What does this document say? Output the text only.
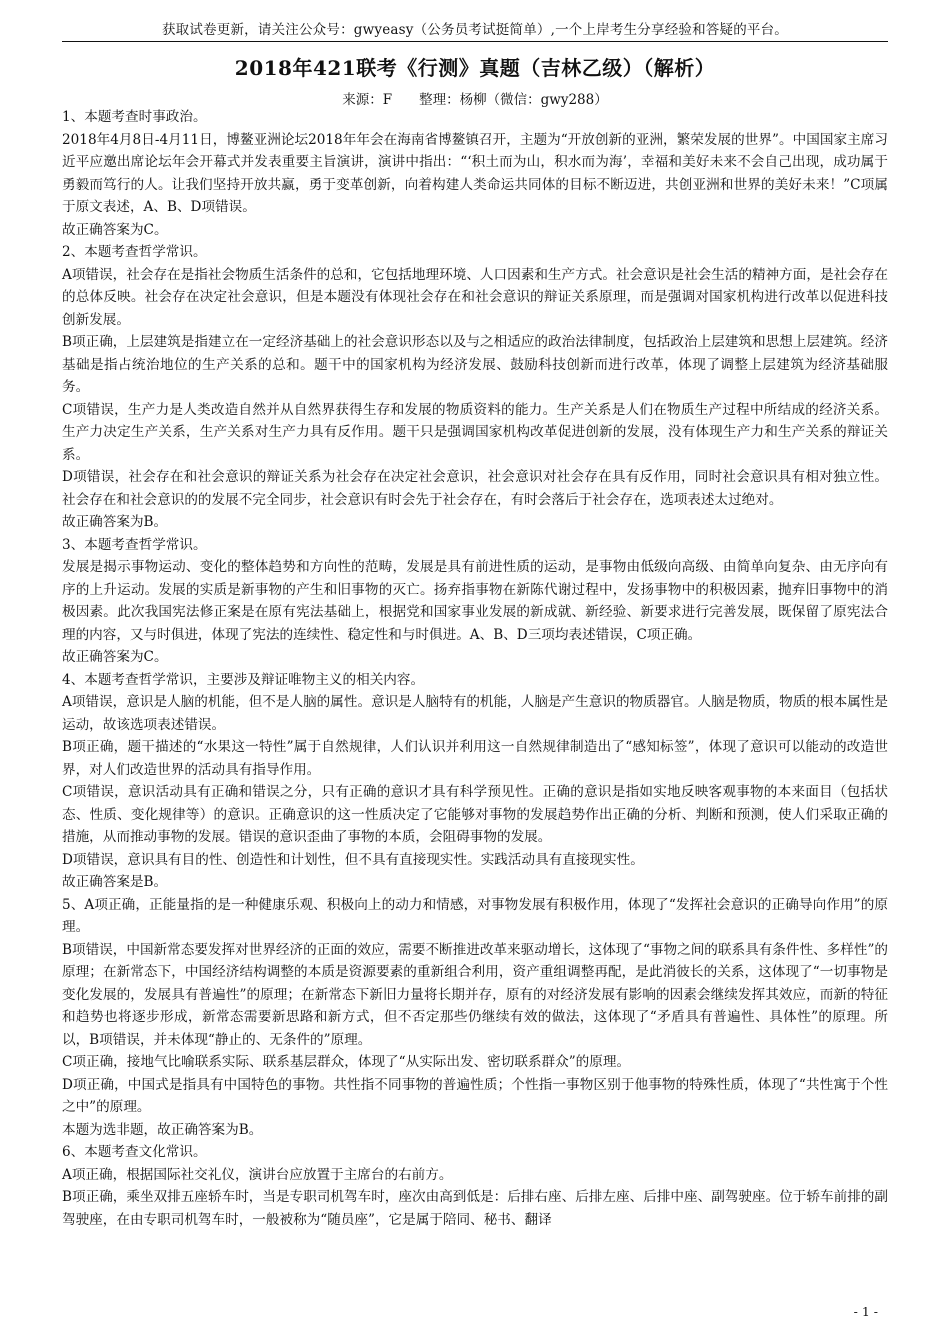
获取试卷更新，请关注公众号：gwyeasy（公务员考试挺简单）,一个上岸考生分享经验和答疑的平台。
2018年421联考《行测》真题（吉林乙级）（解析）
来源：F　　整理：杨柳（微信：gwy288）

1、本题考查时事政治。

2018年4月8日-4月11日，博鳌亚洲论坛2018年年会在海南省博鳌镇召开，主题为“开放创新的亚洲，繁荣发展的世界”。中国国家主席习近平应邀出席论坛年会开幕式并发表重要主旨演讲，演讲中指出：“‘积土而为山，积水而为海’，幸福和美好未来不会自己出现，成功属于勇毅而笃行的人。让我们坚持开放共赢，勇于变革创新，向着构建人类命运共同体的目标不断迈进，共创亚洲和世界的美好未来！”C项属于原文表述，A、B、D项错误。

故正确答案为C。

2、本题考查哲学常识。

A项错误，社会存在是指社会物质生活条件的总和，它包括地理环境、人口因素和生产方式。社会意识是社会生活的精神方面，是社会存在的总体反映。社会存在决定社会意识，但是本题没有体现社会存在和社会意识的辩证关系原理，而是强调对国家机构进行改革以促进科技创新发展。

B项正确，上层建筑是指建立在一定经济基础上的社会意识形态以及与之相适应的政治法律制度，包括政治上层建筑和思想上层建筑。经济基础是指占统治地位的生产关系的总和。题干中的国家机构为经济发展、鼓励科技创新而进行改革，体现了调整上层建筑为经济基础服务。

C项错误，生产力是人类改造自然并从自然界获得生存和发展的物质资料的能力。生产关系是人们在物质生产过程中所结成的经济关系。生产力决定生产关系，生产关系对生产力具有反作用。题干只是强调国家机构改革促进创新的发展，没有体现生产力和生产关系的辩证关系。

D项错误，社会存在和社会意识的辩证关系为社会存在决定社会意识，社会意识对社会存在具有反作用，同时社会意识具有相对独立性。社会存在和社会意识的的发展不完全同步，社会意识有时会先于社会存在，有时会落后于社会存在，选项表述太过绝对。

故正确答案为B。

3、本题考查哲学常识。

发展是揭示事物运动、变化的整体趋势和方向性的范畴，发展是具有前进性质的运动，是事物由低级向高级、由简单向复杂、由无序向有序的上升运动。发展的实质是新事物的产生和旧事物的灭亡。扬弃指事物在新陈代谢过程中，发扬事物中的积极因素，抛弃旧事物中的消极因素。此次我国宪法修正案是在原有宪法基础上，根据党和国家事业发展的新成就、新经验、新要求进行完善发展，既保留了原宪法合理的内容，又与时俱进，体现了宪法的连续性、稳定性和与时俱进。A、B、D三项均表述错误，C项正确。

故正确答案为C。

4、本题考查哲学常识，主要涉及辩证唯物主义的相关内容。

A项错误，意识是人脑的机能，但不是人脑的属性。意识是人脑特有的机能，人脑是产生意识的物质器官。人脑是物质，物质的根本属性是运动，故该选项表述错误。

B项正确，题干描述的“水果这一特性”属于自然规律，人们认识并利用这一自然规律制造出了“感知标签”，体现了意识可以能动的改造世界，对人们改造世界的活动具有指导作用。

C项错误，意识活动具有正确和错误之分，只有正确的意识才具有科学预见性。正确的意识是指如实地反映客观事物的本来面目（包括状态、性质、变化规律等）的意识。正确意识的这一性质决定了它能够对事物的发展趋势作出正确的分析、判断和预测，使人们采取正确的措施，从而推动事物的发展。错误的意识歪曲了事物的本质，会阻碍事物的发展。

D项错误，意识具有目的性、创造性和计划性，但不具有直接现实性。实践活动具有直接现实性。

故正确答案是B。

5、A项正确，正能量指的是一种健康乐观、积极向上的动力和情感，对事物发展有积极作用，体现了“发挥社会意识的正确导向作用”的原理。

B项错误，中国新常态要发挥对世界经济的正面的效应，需要不断推进改革来驱动增长，这体现了“事物之间的联系具有条件性、多样性”的原理；在新常态下，中国经济结构调整的本质是资源要素的重新组合利用，资产重组调整再配，是此消彼长的关系，这体现了“一切事物是变化发展的，发展具有普遍性”的原理；在新常态下新旧力量将长期并存，原有的对经济发展有影响的因素会继续发挥其效应，而新的特征和趋势也将逐步形成，新常态需要新思路和新方式，但不否定那些仍继续有效的做法，这体现了“矛盾具有普遍性、具体性”的原理。所以，B项错误，并未体现“静止的、无条件的”原理。

C项正确，接地气比喻联系实际、联系基层群众，体现了“从实际出发、密切联系群众”的原理。

D项正确，中国式是指具有中国特色的事物。共性指不同事物的普遍性质；个性指一事物区别于他事物的特殊性质，体现了“共性寓于个性之中”的原理。

本题为选非题，故正确答案为B。

6、本题考查文化常识。

A项正确，根据国际社交礼仪，演讲台应放置于主席台的右前方。

B项正确，乘坐双排五座轿车时，当是专职司机驾车时，座次由高到低是：后排右座、后排左座、后排中座、副驾驶座。位于轿车前排的副驾驶座，在由专职司机驾车时，一般被称为“随员座”，它是属于陪同、秘书、翻译

- 1 -
